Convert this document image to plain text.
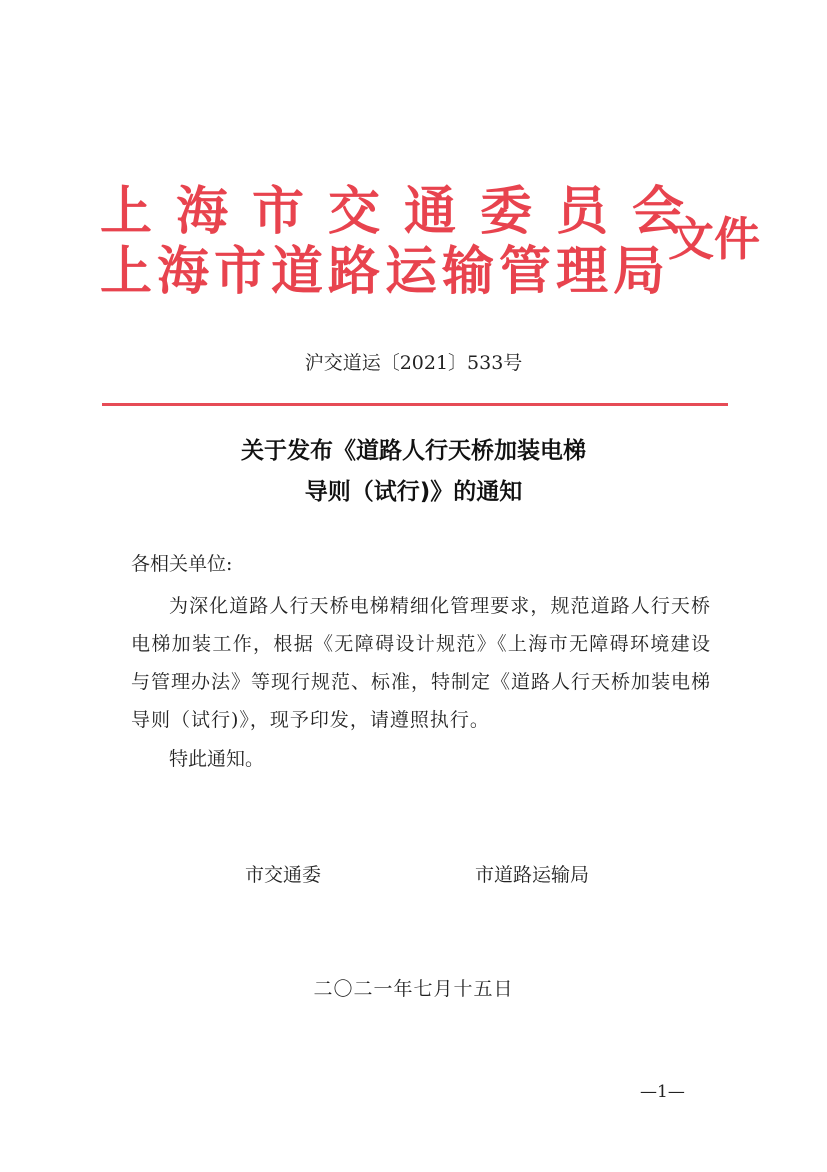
上海市交通委员会
上海市道路运输管理局
文件
沪交道运〔2021〕533号
关于发布《道路人行天桥加装电梯
导则（试行)》的通知
各相关单位:
为深化道路人行天桥电梯精细化管理要求，规范道路人行天桥电梯加装工作，根据《无障碍设计规范》《上海市无障碍环境建设与管理办法》等现行规范、标准，特制定《道路人行天桥加装电梯导则（试行)》，现予印发，请遵照执行。
特此通知。
市交通委	市道路运输局
二〇二一年七月十五日
—1—
